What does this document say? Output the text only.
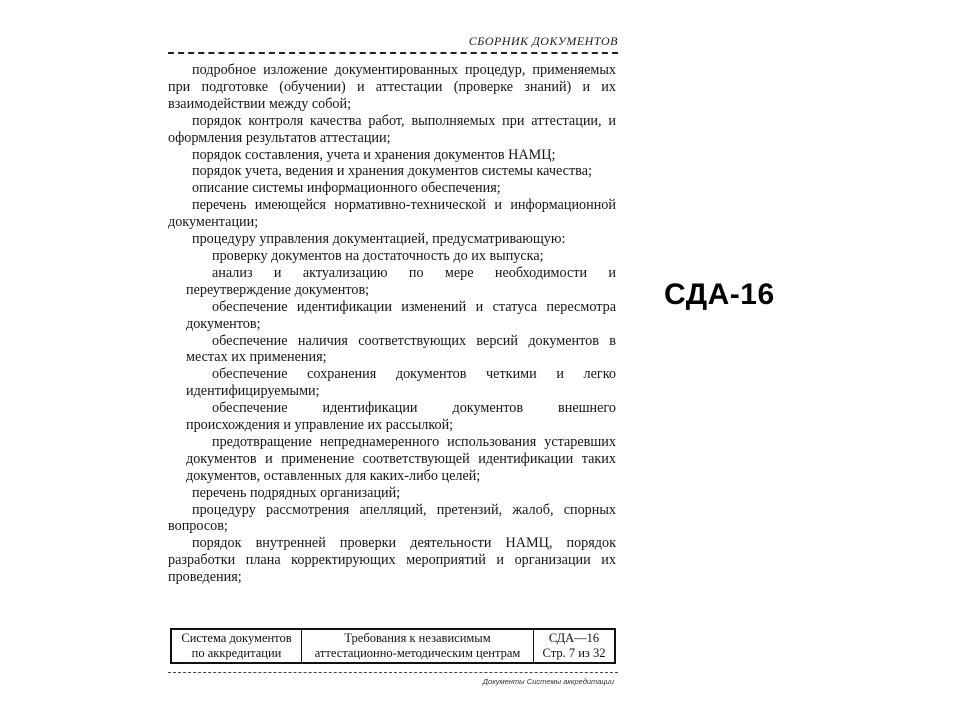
СБОРНИК ДОКУМЕНТОВ

подробное изложение документированных процедур, применяемых при подготовке (обучении) и аттестации (проверке знаний) и их взаимодействии между собой;

порядок контроля качества работ, выполняемых при аттестации, и оформления результатов аттестации;

порядок составления, учета и хранения документов НАМЦ;

порядок учета, ведения и хранения документов системы качества;

описание системы информационного обеспечения;

перечень имеющейся нормативно-технической и информационной документации;

процедуру управления документацией, предусматривающую:

проверку документов на достаточность до их выпуска;

анализ и актуализацию по мере необходимости и переутверждение документов;

обеспечение идентификации изменений и статуса пересмотра документов;

обеспечение наличия соответствующих версий документов в местах их применения;

обеспечение сохранения документов четкими и легко идентифицируемыми;

обеспечение идентификации документов внешнего происхождения и управление их рассылкой;

предотвращение непреднамеренного использования устаревших документов и применение соответствующей идентификации таких документов, оставленных для каких-либо целей;

перечень подрядных организаций;

процедуру рассмотрения апелляций, претензий, жалоб, спорных вопросов;

порядок внутренней проверки деятельности НАМЦ, порядок разработки плана корректирующих мероприятий и организации их проведения;

Система документов
по аккредитации
Требования к независимым
аттестационно-методическим центрам
СДА—16
Стр. 7 из 32
Документы Системы аккредитации
СДА-16
